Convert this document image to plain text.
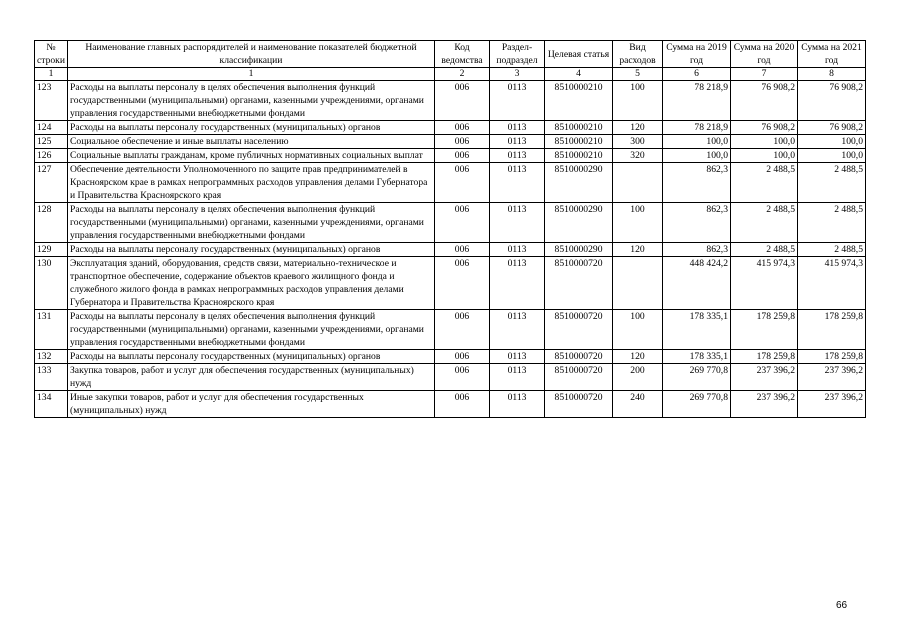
№ строки	Наименование главных распорядителей и наименование показателей бюджетной классификации	Код ведомства	Раздел-подраздел	Целевая статья	Вид расходов	Сумма на 2019 год	Сумма на 2020 год	Сумма на 2021 год
1	1	2	3	4	5	6	7	8
123	Расходы на выплаты персоналу в целях обеспечения выполнения функций государственными (муниципальными) органами, казенными учреждениями, органами управления государственными внебюджетными фондами	006	0113	8510000210	100	78 218,9	76 908,2	76 908,2
124	Расходы на выплаты персоналу государственных (муниципальных) органов	006	0113	8510000210	120	78 218,9	76 908,2	76 908,2
125	Социальное обеспечение и иные выплаты населению	006	0113	8510000210	300	100,0	100,0	100,0
126	Социальные выплаты гражданам, кроме публичных нормативных социальных выплат	006	0113	8510000210	320	100,0	100,0	100,0
127	Обеспечение деятельности Уполномоченного по защите прав предпринимателей в Красноярском крае в рамках непрограммных расходов управления делами Губернатора и Правительства Красноярского края	006	0113	8510000290		862,3	2 488,5	2 488,5
128	Расходы на выплаты персоналу в целях обеспечения выполнения функций государственными (муниципальными) органами, казенными учреждениями, органами управления государственными внебюджетными фондами	006	0113	8510000290	100	862,3	2 488,5	2 488,5
129	Расходы на выплаты персоналу государственных (муниципальных) органов	006	0113	8510000290	120	862,3	2 488,5	2 488,5
130	Эксплуатация зданий, оборудования, средств связи, материально-техническое и транспортное обеспечение, содержание объектов краевого жилищного фонда и служебного жилого фонда в рамках непрограммных расходов управления делами Губернатора и Правительства Красноярского края	006	0113	8510000720		448 424,2	415 974,3	415 974,3
131	Расходы на выплаты персоналу в целях обеспечения выполнения функций государственными (муниципальными) органами, казенными учреждениями, органами управления государственными внебюджетными фондами	006	0113	8510000720	100	178 335,1	178 259,8	178 259,8
132	Расходы на выплаты персоналу государственных (муниципальных) органов	006	0113	8510000720	120	178 335,1	178 259,8	178 259,8
133	Закупка товаров, работ и услуг для обеспечения государственных (муниципальных) нужд	006	0113	8510000720	200	269 770,8	237 396,2	237 396,2
134	Иные закупки товаров, работ и услуг для обеспечения государственных (муниципальных) нужд	006	0113	8510000720	240	269 770,8	237 396,2	237 396,2
66
